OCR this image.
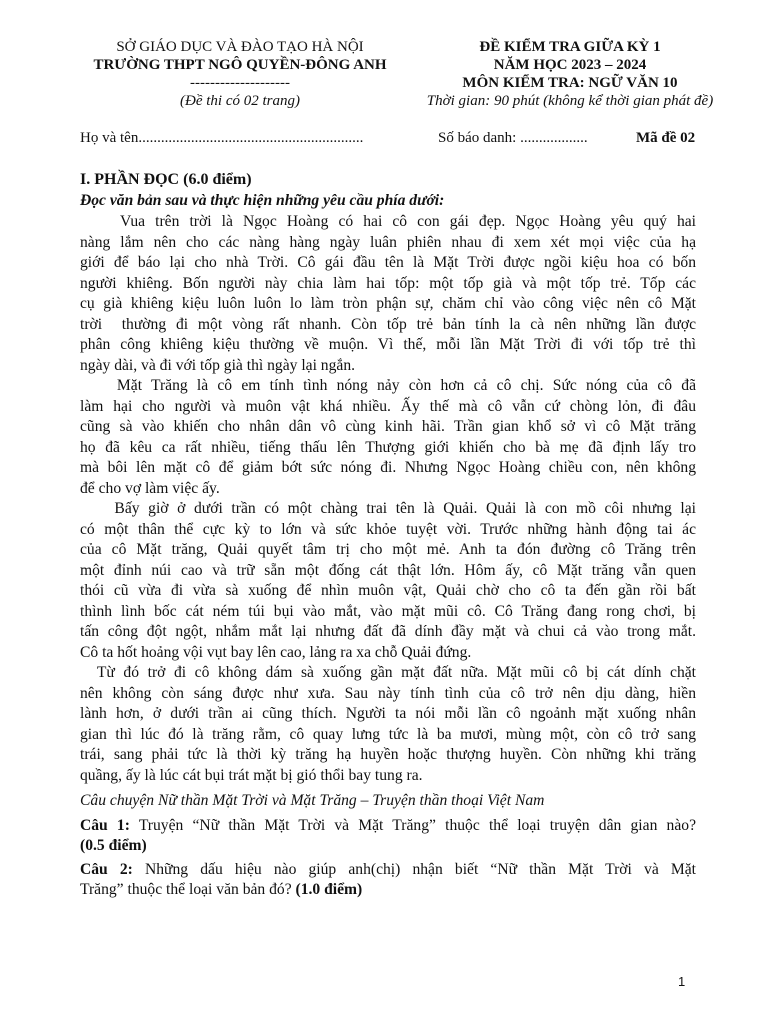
SỞ GIÁO DỤC VÀ ĐÀO TẠO HÀ NỘI
TRƯỜNG THPT NGÔ QUYỀN-ĐÔNG ANH
--------------------
(Đề thi có 02 trang)
ĐỀ KIỂM TRA GIỮA KỲ 1
NĂM HỌC 2023 – 2024
MÔN KIỂM TRA: NGỮ VĂN 10
Thời gian: 90 phút (không kể thời gian phát đề)
Họ và tên............................................................	Số báo danh: ..................	Mã đề 02
I. PHẦN ĐỌC (6.0 điểm)
Đọc văn bản sau và thực hiện những yêu cầu phía dưới:
Vua trên trời là Ngọc Hoàng có hai cô con gái đẹp. Ngọc Hoàng yêu quý hai
nàng lắm nên cho các nàng hàng ngày luân phiên nhau đi xem xét mọi việc của hạ
giới để báo lại cho nhà Trời. Cô gái đầu tên là Mặt Trời được ngồi kiệu hoa có bốn
người khiêng. Bốn người này chia làm hai tốp: một tốp già và một tốp trẻ. Tốp các
cụ già khiêng kiệu luôn luôn lo làm tròn phận sự, chăm chỉ vào công việc nên cô Mặt
trời  thường đi một vòng rất nhanh. Còn tốp trẻ bản tính la cà nên những lần được
phân công khiêng kiệu thường về muộn. Vì thế, mỗi lần Mặt Trời đi với tốp trẻ thì
ngày dài, và đi với tốp già thì ngày lại ngắn.
Mặt Trăng là cô em tính tình nóng nảy còn hơn cả cô chị. Sức nóng của cô đã
làm hại cho người và muôn vật khá nhiều. Ấy thế mà cô vẫn cứ chòng lỏn, đi đâu
cũng sà vào khiến cho nhân dân vô cùng kinh hãi. Trần gian khổ sở vì cô Mặt trăng
họ đã kêu ca rất nhiều, tiếng thấu lên Thượng giới khiến cho bà mẹ đã định lấy tro
mà bôi lên mặt cô để giảm bớt sức nóng đi. Nhưng Ngọc Hoàng chiều con, nên không
để cho vợ làm việc ấy.
Bấy giờ ở dưới trần có một chàng trai tên là Quải. Quải là con mồ côi nhưng lại
có một thân thể cực kỳ to lớn và sức khỏe tuyệt vời. Trước những hành động tai ác
của cô Mặt trăng, Quải quyết tâm trị cho một mẻ. Anh ta đón đường cô Trăng trên
một đỉnh núi cao và trữ sẵn một đống cát thật lớn. Hôm ấy, cô Mặt trăng vẫn quen
thói cũ vừa đi vừa sà xuống để nhìn muôn vật, Quải chờ cho cô ta đến gần rồi bất
thình lình bốc cát ném túi bụi vào mắt, vào mặt mũi cô. Cô Trăng đang rong chơi, bị
tấn công đột ngột, nhắm mắt lại nhưng đất đã dính đầy mặt và chui cả vào trong mắt.
Cô ta hốt hoảng vội vụt bay lên cao, lảng ra xa chỗ Quải đứng.
Từ đó trở đi cô không dám sà xuống gần mặt đất nữa. Mặt mũi cô bị cát dính chặt
nên không còn sáng được như xưa. Sau này tính tình của cô trở nên dịu dàng, hiền
lành hơn, ở dưới trần ai cũng thích. Người ta nói mỗi lần cô ngoảnh mặt xuống nhân
gian thì lúc đó là trăng rằm, cô quay lưng tức là ba mươi, mùng một, còn cô trở sang
trái, sang phải tức là thời kỳ trăng hạ huyền hoặc thượng huyền. Còn những khi trăng
quầng, ấy là lúc cát bụi trát mặt bị gió thổi bay tung ra.
Câu chuyện Nữ thần Mặt Trời và Mặt Trăng – Truyện thần thoại Việt Nam
Câu 1: Truyện “Nữ thần Mặt Trời và Mặt Trăng” thuộc thể loại truyện dân gian nào?
(0.5 điểm)
Câu 2: Những dấu hiệu nào giúp anh(chị) nhận biết “Nữ thần Mặt Trời và Mặt
Trăng” thuộc thể loại văn bản đó? (1.0 điểm)
1
